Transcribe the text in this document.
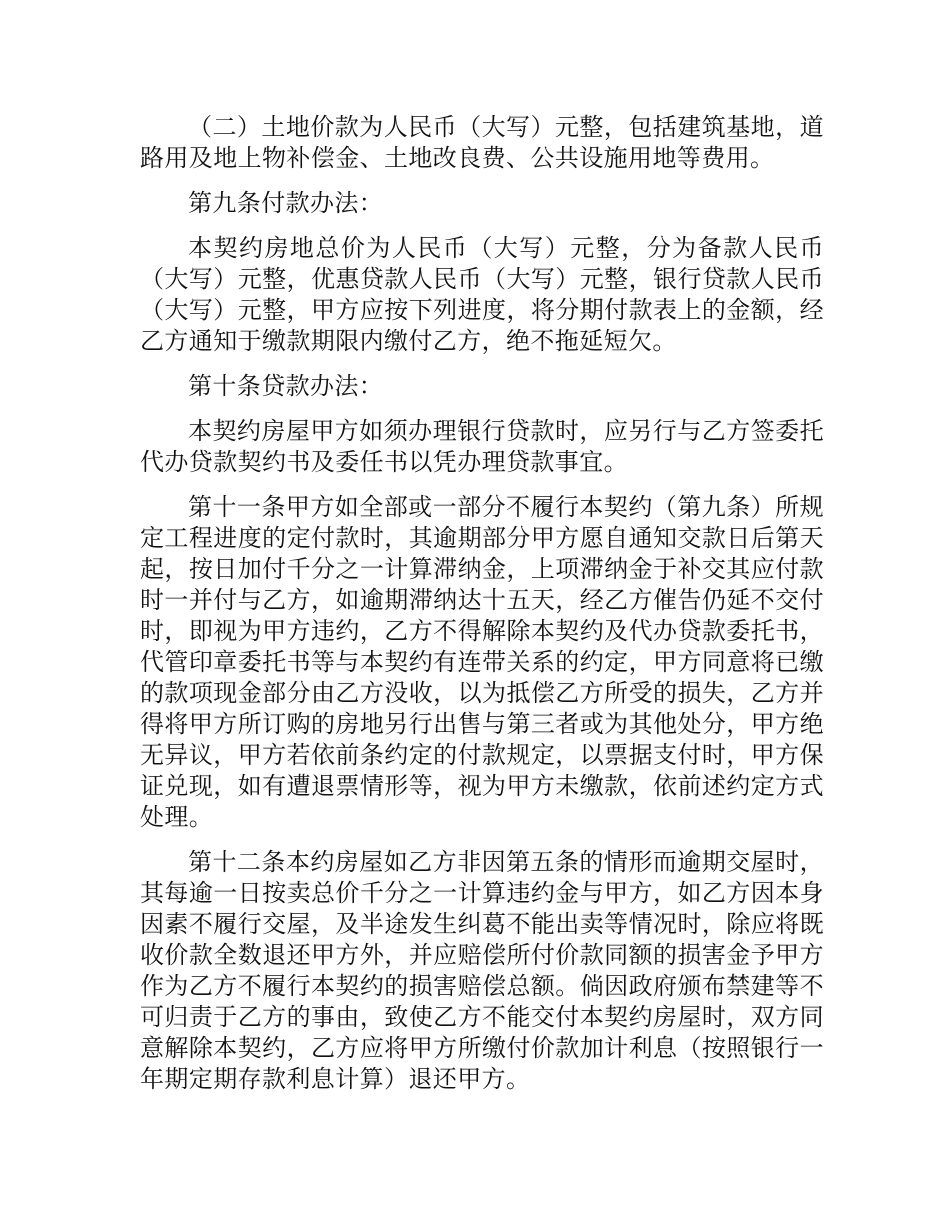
（二）土地价款为人民币（大写）元整，包括建筑基地，道路用及地上物补偿金、土地改良费、公共设施用地等费用。

第九条付款办法：

本契约房地总价为人民币（大写）元整，分为备款人民币（大写）元整，优惠贷款人民币（大写）元整，银行贷款人民币（大写）元整，甲方应按下列进度，将分期付款表上的金额，经乙方通知于缴款期限内缴付乙方，绝不拖延短欠。

第十条贷款办法：

本契约房屋甲方如须办理银行贷款时，应另行与乙方签委托代办贷款契约书及委任书以凭办理贷款事宜。

第十一条甲方如全部或一部分不履行本契约（第九条）所规定工程进度的定付款时，其逾期部分甲方愿自通知交款日后第天起，按日加付千分之一计算滞纳金，上项滞纳金于补交其应付款时一并付与乙方，如逾期滞纳达十五天，经乙方催告仍延不交付时，即视为甲方违约，乙方不得解除本契约及代办贷款委托书，代管印章委托书等与本契约有连带关系的约定，甲方同意将已缴的款项现金部分由乙方没收，以为抵偿乙方所受的损失，乙方并得将甲方所订购的房地另行出售与第三者或为其他处分，甲方绝无异议，甲方若依前条约定的付款规定，以票据支付时，甲方保证兑现，如有遭退票情形等，视为甲方未缴款，依前述约定方式处理。

第十二条本约房屋如乙方非因第五条的情形而逾期交屋时，其每逾一日按卖总价千分之一计算违约金与甲方，如乙方因本身因素不履行交屋，及半途发生纠葛不能出卖等情况时，除应将既收价款全数退还甲方外，并应赔偿所付价款同额的损害金予甲方作为乙方不履行本契约的损害赔偿总额。倘因政府颁布禁建等不可归责于乙方的事由，致使乙方不能交付本契约房屋时，双方同意解除本契约，乙方应将甲方所缴付价款加计利息（按照银行一年期定期存款利息计算）退还甲方。
